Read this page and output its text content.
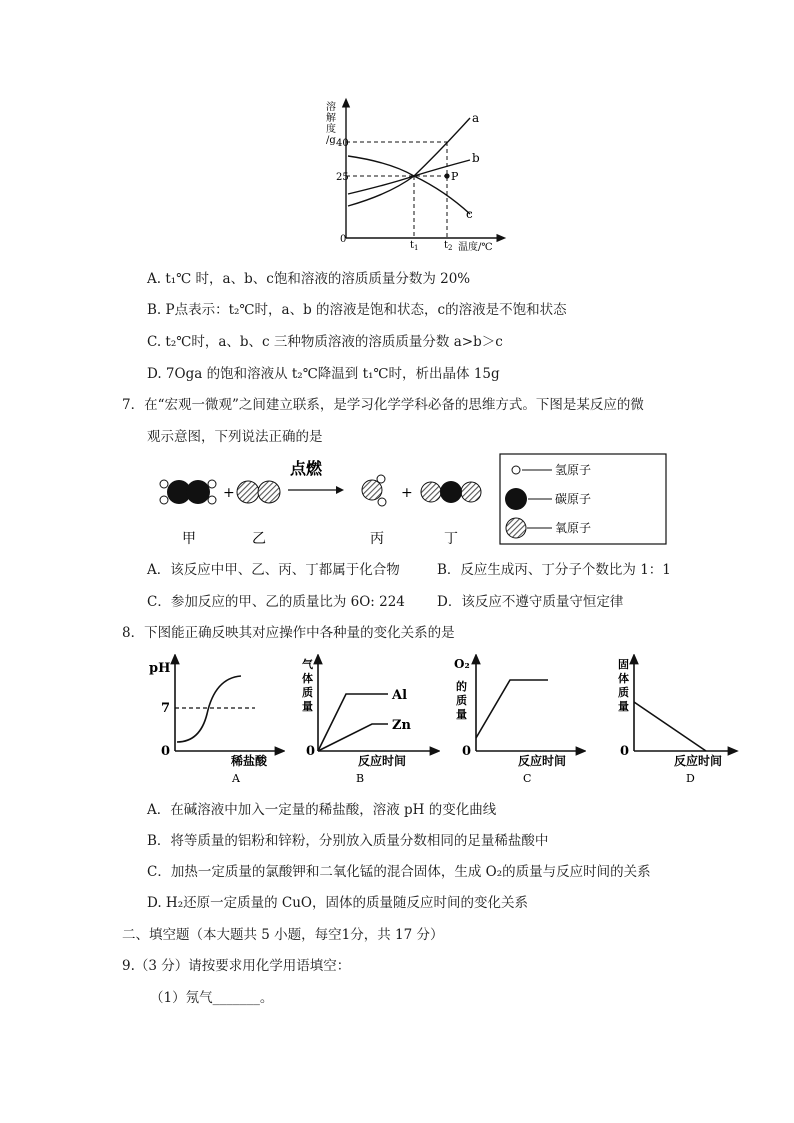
溶
解
度
/g 40
25
0
a
b
c
P
$t_1$	$t_2$ 温度/℃
A. t₁℃ 时，a、b、c饱和溶液的溶质质量分数为 20%
B. P点表示：t₂℃时，a、b 的溶液是饱和状态，c的溶液是不饱和状态
C. t₂℃时，a、b、c 三种物质溶液的溶质质量分数 a>b＞c
D. 7Oga 的饱和溶液从 t₂℃降温到 t₁℃时，析出晶体 15g
7．在“宏观一微观”之间建立联系，是学习化学学科必备的思维方式。下图是某反应的微
观示意图，下列说法正确的是
+
点燃
+
甲	乙	丙	丁
氢原子
碳原子
氧原子
A．该反应中甲、乙、丙、丁都属于化合物	B．反应生成丙、丁分子个数比为 1：1
C．参加反应的甲、乙的质量比为 6O: 224 D．该反应不遵守质量守恒定律
8．下图能正确反映其对应操作中各种量的变化关系的是
pH
7
0
稀盐酸
A
气
体
质
量
0
Al
Zn
反应时间
B
O₂
的
质
量
0
反应时间
C
固
体
质
量
0
反应时间
D
A．在碱溶液中加入一定量的稀盐酸，溶液 pH 的变化曲线
B．将等质量的铝粉和锌粉，分别放入质量分数相同的足量稀盐酸中
C．加热一定质量的氯酸钾和二氧化锰的混合固体，生成 O₂的质量与反应时间的关系
D. H₂还原一定质量的 CuO，固体的质量随反应时间的变化关系
二、填空题（本大题共 5 小题，每空1分，共 17 分）
9.（3 分）请按要求用化学用语填空：
（1）氖气_______。
